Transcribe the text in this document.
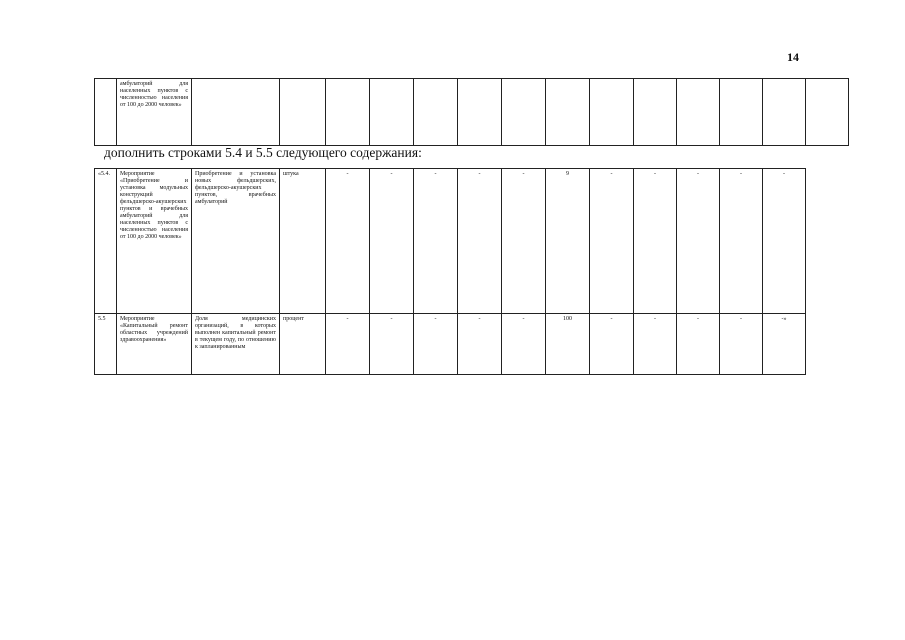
14
	амбулаторий для населенных пунктов с численностью населения от 100 до 2000 человек»														
дополнить строками 5.4 и 5.5 следующего содержания:
«5.4.	Мероприятие «Приобретение и установка модульных конструкций фельдшерско-акушерских пунктов и врачебных амбулаторий для населенных пунктов с численностью населения от 100 до 2000 человек»	Приобретение и установка новых фельдшерских, фельдшерско-акушерских пунктов, врачебных амбулаторий	штука	-	-	-	-	-	9	-	-	-	-	-
5.5	Мероприятие «Капитальный ремонт областных учреждений здравоохранения»	Доля медицинских организаций, в которых выполнен капитальный ремонт в текущем году, по отношению к запланированным	процент	-	-	-	-	-	100	-	-	-	-	-»
